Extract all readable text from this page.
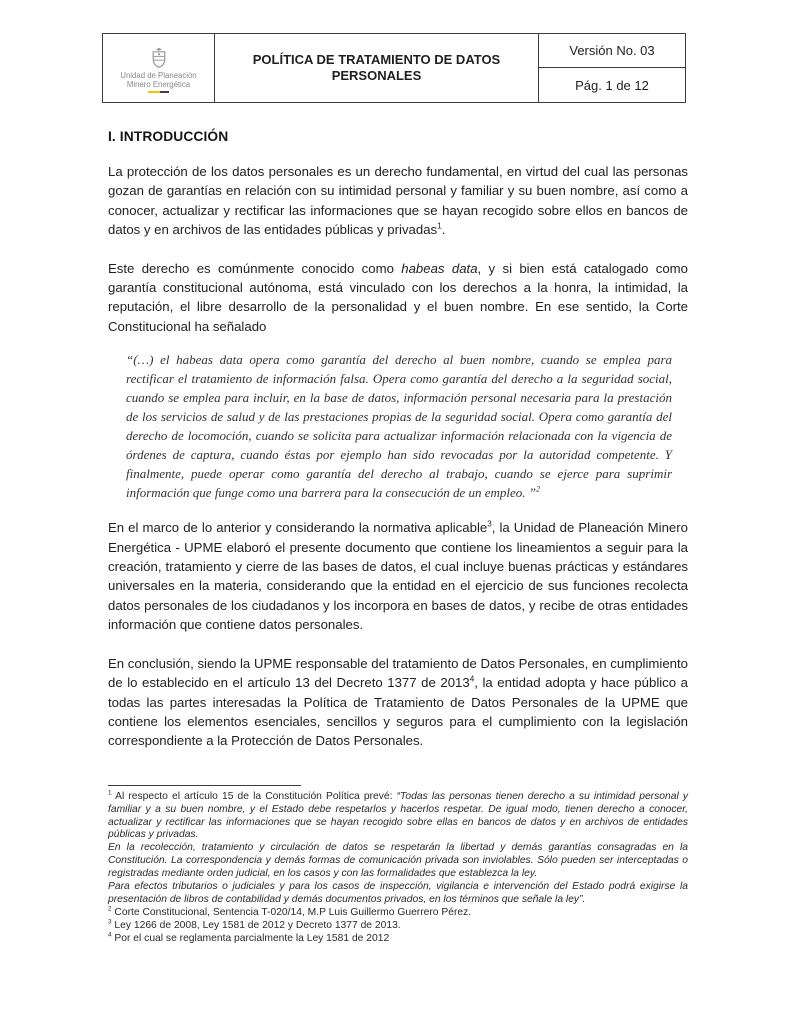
Unidad de Planeación
Minero Energética
POLÍTICA DE TRATAMIENTO DE DATOS PERSONALES
Versión No. 03
Pág. 1 de 12
I. INTRODUCCIÓN

La protección de los datos personales es un derecho fundamental, en virtud del cual las personas gozan de garantías en relación con su intimidad personal y familiar y su buen nombre, así como a conocer, actualizar y rectificar las informaciones que se hayan recogido sobre ellos en bancos de datos y en archivos de las entidades públicas y privadas$^1$.

Este derecho es comúnmente conocido como habeas data, y si bien está catalogado como garantía constitucional autónoma, está vinculado con los derechos a la honra, la intimidad, la reputación, el libre desarrollo de la personalidad y el buen nombre. En ese sentido, la Corte Constitucional ha señalado

“(…) el habeas data opera como garantía del derecho al buen nombre, cuando se emplea para rectificar el tratamiento de información falsa. Opera como garantía del derecho a la seguridad social, cuando se emplea para incluir, en la base de datos, información personal necesaria para la prestación de los servicios de salud y de las prestaciones propias de la seguridad social. Opera como garantía del derecho de locomoción, cuando se solicita para actualizar información relacionada con la vigencia de órdenes de captura, cuando éstas por ejemplo han sido revocadas por la autoridad competente. Y finalmente, puede operar como garantía del derecho al trabajo, cuando se ejerce para suprimir información que funge como una barrera para la consecución de un empleo. ”$^2$

En el marco de lo anterior y considerando la normativa aplicable$^3$, la Unidad de Planeación Minero Energética - UPME elaboró el presente documento que contiene los lineamientos a seguir para la creación, tratamiento y cierre de las bases de datos, el cual incluye buenas prácticas y estándares universales en la materia, considerando que la entidad en el ejercicio de sus funciones recolecta datos personales de los ciudadanos y los incorpora en bases de datos, y recibe de otras entidades información que contiene datos personales.

En conclusión, siendo la UPME responsable del tratamiento de Datos Personales, en cumplimiento de lo establecido en el artículo 13 del Decreto 1377 de 2013$^4$, la entidad adopta y hace público a todas las partes interesadas la Política de Tratamiento de Datos Personales de la UPME que contiene los elementos esenciales, sencillos y seguros para el cumplimiento con la legislación correspondiente a la Protección de Datos Personales.

$^1$ Al respecto el artículo 15 de la Constitución Política prevé: “Todas las personas tienen derecho a su intimidad personal y familiar y a su buen nombre, y el Estado debe respetarlos y hacerlos respetar. De igual modo, tienen derecho a conocer, actualizar y rectificar las informaciones que se hayan recogido sobre ellas en bancos de datos y en archivos de entidades públicas y privadas.

En la recolección, tratamiento y circulación de datos se respetarán la libertad y demás garantías consagradas en la Constitución. La correspondencia y demás formas de comunicación privada son inviolables. Sólo pueden ser interceptadas o registradas mediante orden judicial, en los casos y con las formalidades que establezca la ley.

Para efectos tributarios o judiciales y para los casos de inspección, vigilancia e intervención del Estado podrá exigirse la presentación de libros de contabilidad y demás documentos privados, en los términos que señale la ley”.

$^2$ Corte Constitucional, Sentencia T-020/14, M.P Luis Guillermo Guerrero Pérez.

$^3$ Ley 1266 de 2008, Ley 1581 de 2012 y Decreto 1377 de 2013.

$^4$ Por el cual se reglamenta parcialmente la Ley 1581 de 2012
